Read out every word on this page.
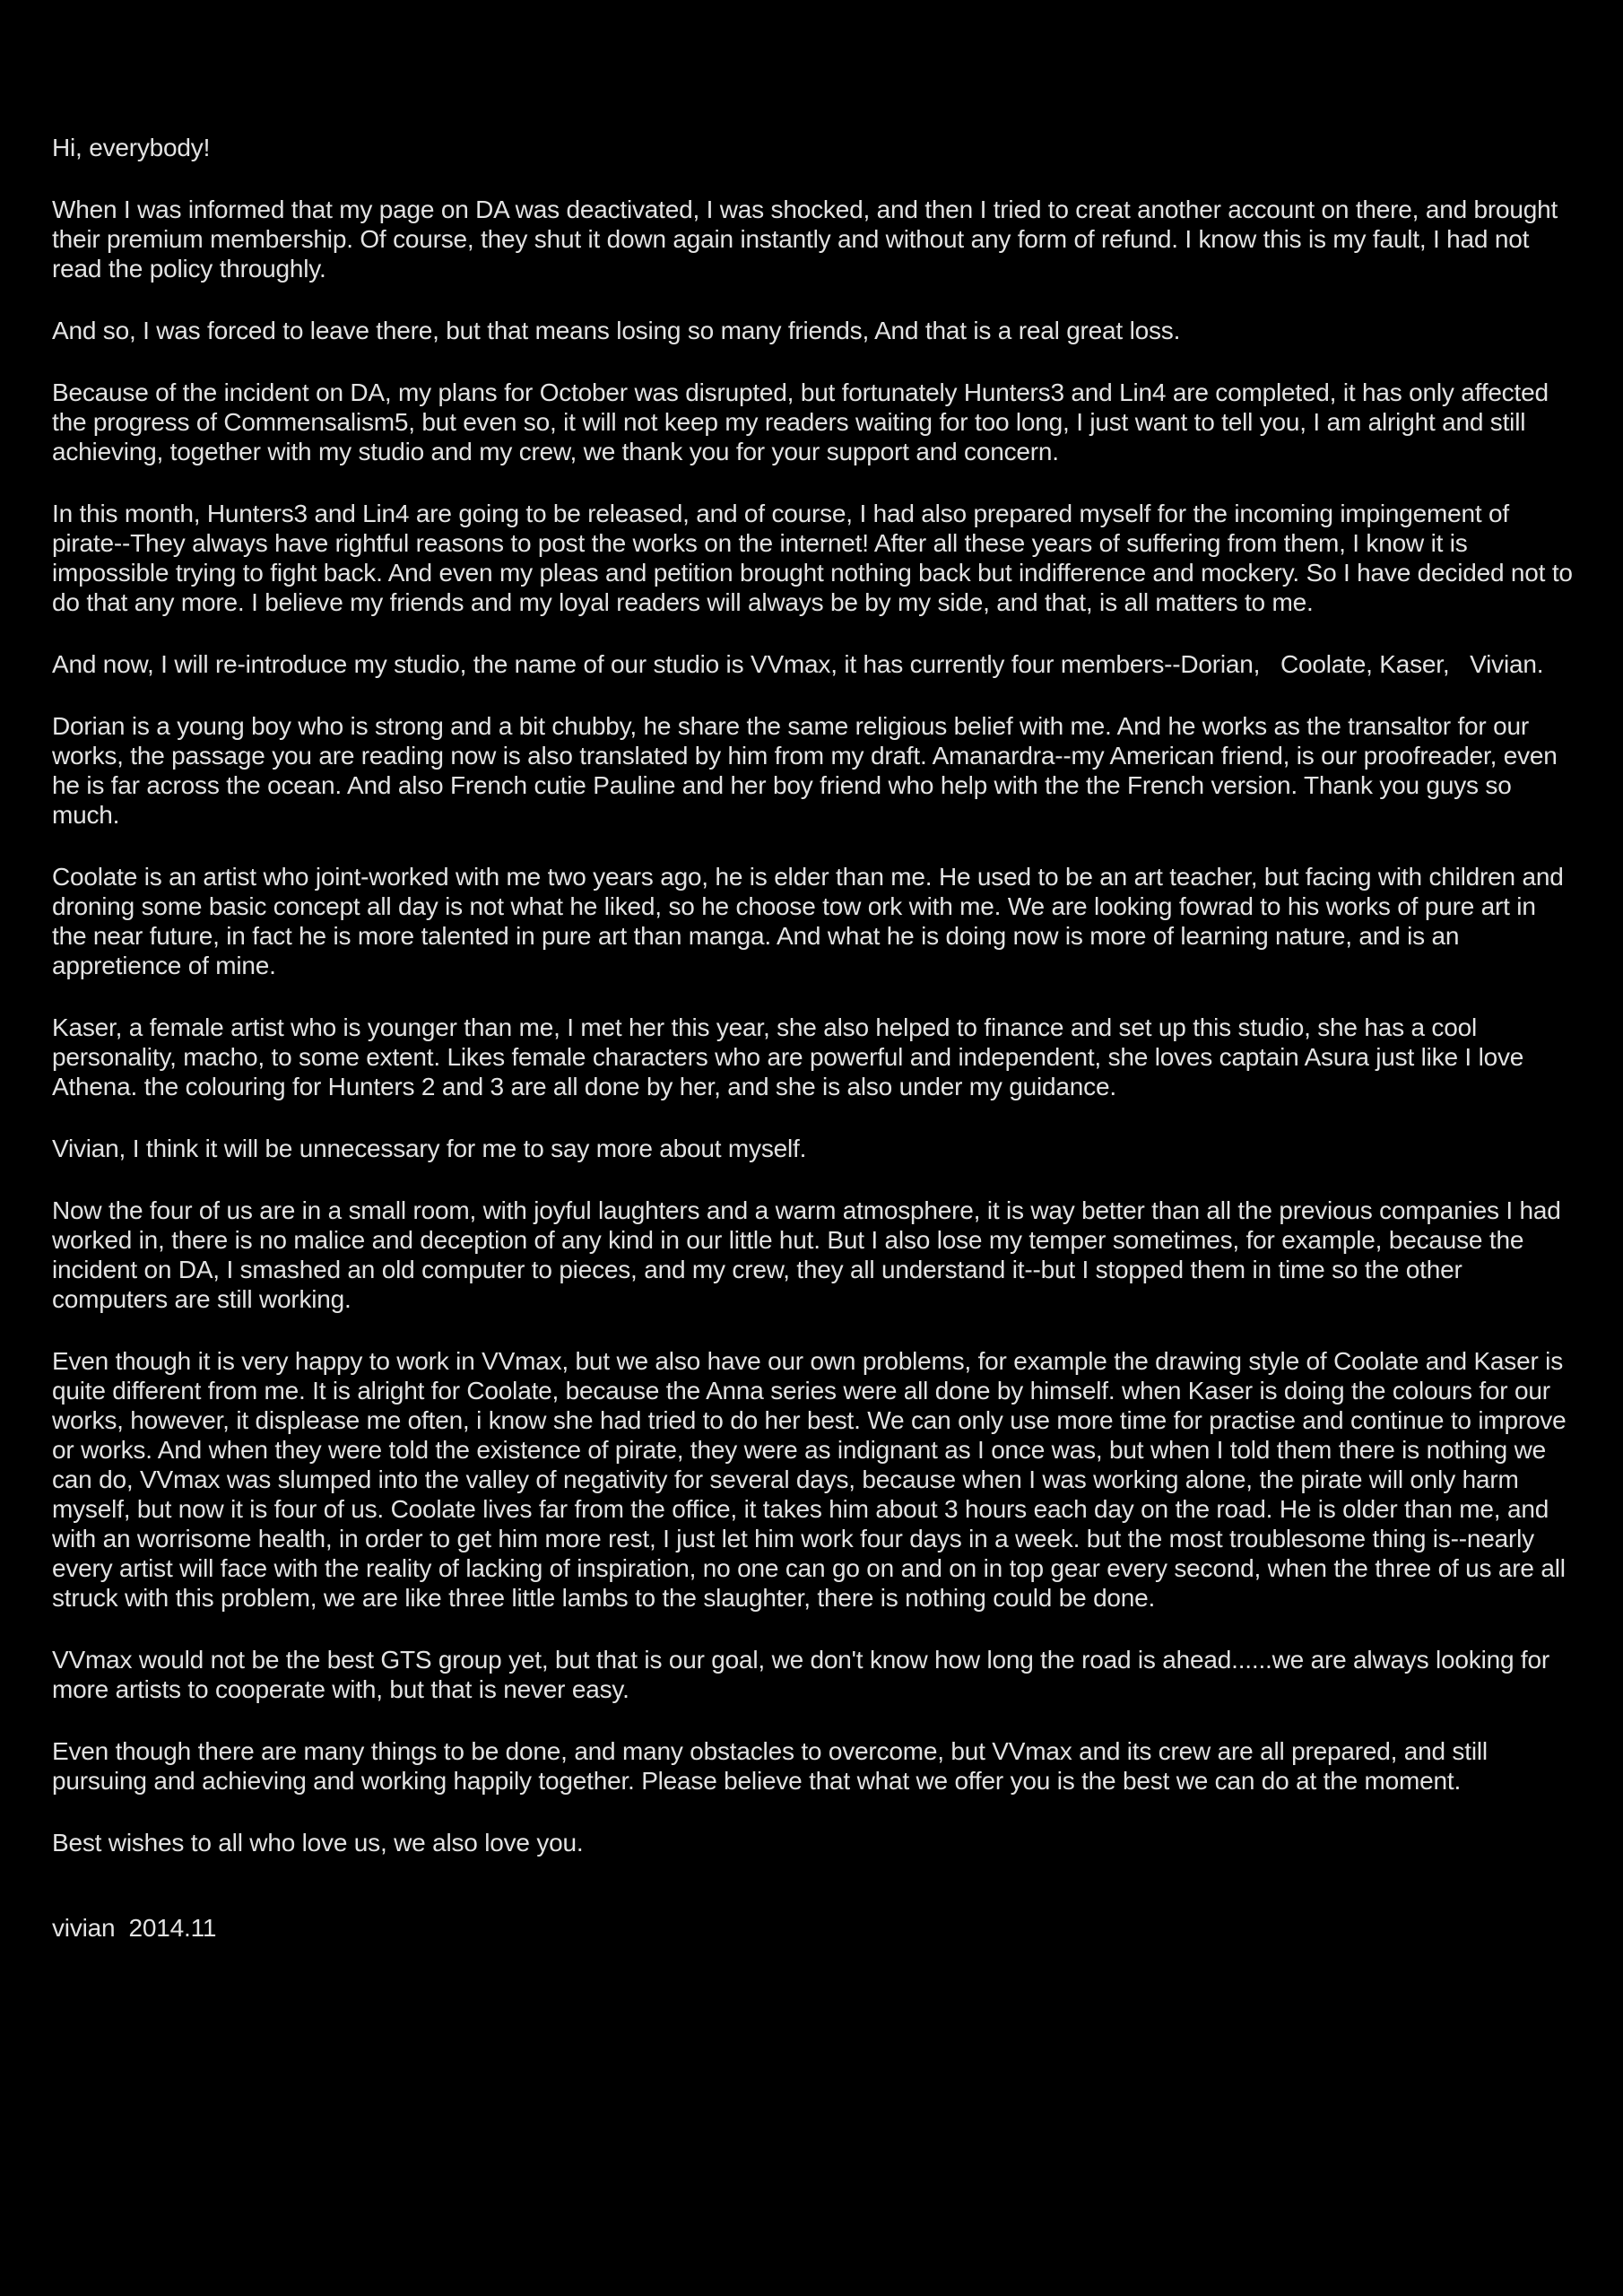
Hi, everybody!

When I was informed that my page on DA was deactivated, I was shocked, and then I tried to creat another account on there, and brought their premium membership. Of course, they shut it down again instantly and without any form of refund. I know this is my fault, I had not read the policy throughly.

And so, I was forced to leave there, but that means losing so many friends, And that is a real great loss.

Because of the incident on DA, my plans for October was disrupted, but fortunately Hunters3 and Lin4 are completed, it has only affected the progress of Commensalism5, but even so, it will not keep my readers waiting for too long, I just want to tell you, I am alright and still achieving, together with my studio and my crew, we thank you for your support and concern.

In this month, Hunters3 and Lin4 are going to be released, and of course, I had also prepared myself for the incoming impingement of pirate--They always have rightful reasons to post the works on the internet! After all these years of suffering from them, I know it is impossible trying to fight back. And even my pleas and petition brought nothing back but indifference and mockery. So I have decided not to do that any more. I believe my friends and my loyal readers will always be by my side, and that, is all matters to me.

And now, I will re-introduce my studio, the name of our studio is VVmax, it has currently four members--Dorian,   Coolate, Kaser,   Vivian.

Dorian is a young boy who is strong and a bit chubby, he share the same religious belief with me. And he works as the transaltor for our works, the passage you are reading now is also translated by him from my draft. Amanardra--my American friend, is our proofreader, even he is far across the ocean. And also French cutie Pauline and her boy friend who help with the the French version. Thank you guys so much.

Coolate is an artist who joint-worked with me two years ago, he is elder than me. He used to be an art teacher, but facing with children and droning some basic concept all day is not what he liked, so he choose tow ork with me. We are looking fowrad to his works of pure art in the near future, in fact he is more talented in pure art than manga. And what he is doing now is more of learning nature, and is an appretience of mine.

Kaser, a female artist who is younger than me, I met her this year, she also helped to finance and set up this studio, she has a cool personality, macho, to some extent. Likes female characters who are powerful and independent, she loves captain Asura just like I love Athena. the colouring for Hunters 2 and 3 are all done by her, and she is also under my guidance.

Vivian, I think it will be unnecessary for me to say more about myself.

Now the four of us are in a small room, with joyful laughters and a warm atmosphere, it is way better than all the previous companies I had worked in, there is no malice and deception of any kind in our little hut. But I also lose my temper sometimes, for example, because the incident on DA, I smashed an old computer to pieces, and my crew, they all understand it--but I stopped them in time so the other computers are still working.

Even though it is very happy to work in VVmax, but we also have our own problems, for example the drawing style of Coolate and Kaser is quite different from me. It is alright for Coolate, because the Anna series were all done by himself. when Kaser is doing the colours for our works, however, it displease me often, i know she had tried to do her best. We can only use more time for practise and continue to improve or works. And when they were told the existence of pirate, they were as indignant as I once was, but when I told them there is nothing we can do, VVmax was slumped into the valley of negativity for several days, because when I was working alone, the pirate will only harm myself, but now it is four of us. Coolate lives far from the office, it takes him about 3 hours each day on the road. He is older than me, and with an worrisome health, in order to get him more rest, I just let him work four days in a week. but the most troublesome thing is--nearly every artist will face with the reality of lacking of inspiration, no one can go on and on in top gear every second, when the three of us are all struck with this problem, we are like three little lambs to the slaughter, there is nothing could be done.

VVmax would not be the best GTS group yet, but that is our goal, we don't know how long the road is ahead......we are always looking for more artists to cooperate with, but that is never easy.

Even though there are many things to be done, and many obstacles to overcome, but VVmax and its crew are all prepared, and still pursuing and achieving and working happily together. Please believe that what we offer you is the best we can do at the moment.

Best wishes to all who love us, we also love you.

vivian  2014.11
